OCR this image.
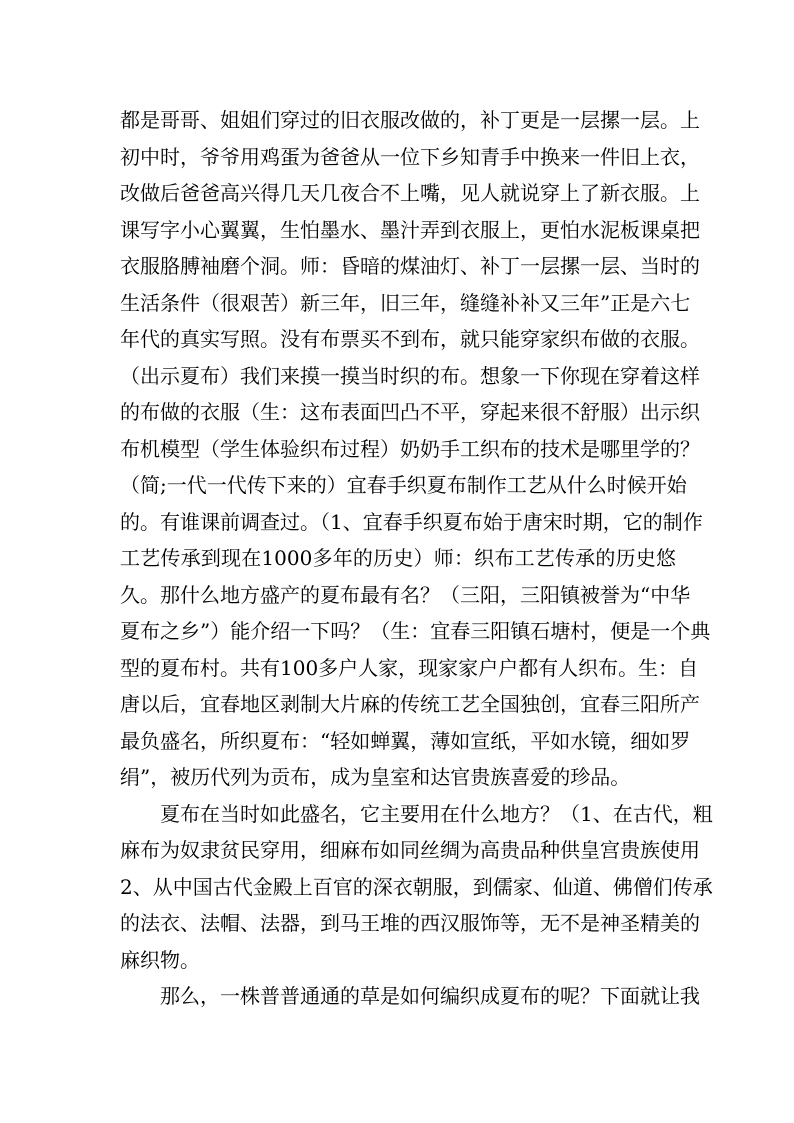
都是哥哥、姐姐们穿过的旧衣服改做的，补丁更是一层摞一层。上
初中时，爷爷用鸡蛋为爸爸从一位下乡知青手中换来一件旧上衣，
改做后爸爸高兴得几天几夜合不上嘴，见人就说穿上了新衣服。上
课写字小心翼翼，生怕墨水、墨汁弄到衣服上，更怕水泥板课桌把
衣服胳膊袖磨个洞。师：昏暗的煤油灯、补丁一层摞一层、当时的
生活条件（很艰苦）新三年，旧三年，缝缝补补又三年”正是六七
年代的真实写照。没有布票买不到布，就只能穿家织布做的衣服。
（出示夏布）我们来摸一摸当时织的布。想象一下你现在穿着这样
的布做的衣服（生：这布表面凹凸不平，穿起来很不舒服）出示织
布机模型（学生体验织布过程）奶奶手工织布的技术是哪里学的？
（简;一代一代传下来的）宜春手织夏布制作工艺从什么时候开始
的。有谁课前调查过。（1、宜春手织夏布始于唐宋时期，它的制作
工艺传承到现在1000多年的历史）师：织布工艺传承的历史悠
久。那什么地方盛产的夏布最有名？（三阳，三阳镇被誉为“中华
夏布之乡”）能介绍一下吗？（生：宜春三阳镇石塘村，便是一个典
型的夏布村。共有100多户人家，现家家户户都有人织布。生：自
唐以后，宜春地区剥制大片麻的传统工艺全国独创，宜春三阳所产
最负盛名，所织夏布：“轻如蝉翼，薄如宣纸，平如水镜，细如罗
绢”，被历代列为贡布，成为皇室和达官贵族喜爱的珍品。
夏布在当时如此盛名，它主要用在什么地方？（1、在古代，粗
麻布为奴隶贫民穿用，细麻布如同丝绸为高贵品种供皇宫贵族使用
2、从中国古代金殿上百官的深衣朝服，到儒家、仙道、佛僧们传承
的法衣、法帽、法器，到马王堆的西汉服饰等，无不是神圣精美的
麻织物。
那么，一株普普通通的草是如何编织成夏布的呢？下面就让我
